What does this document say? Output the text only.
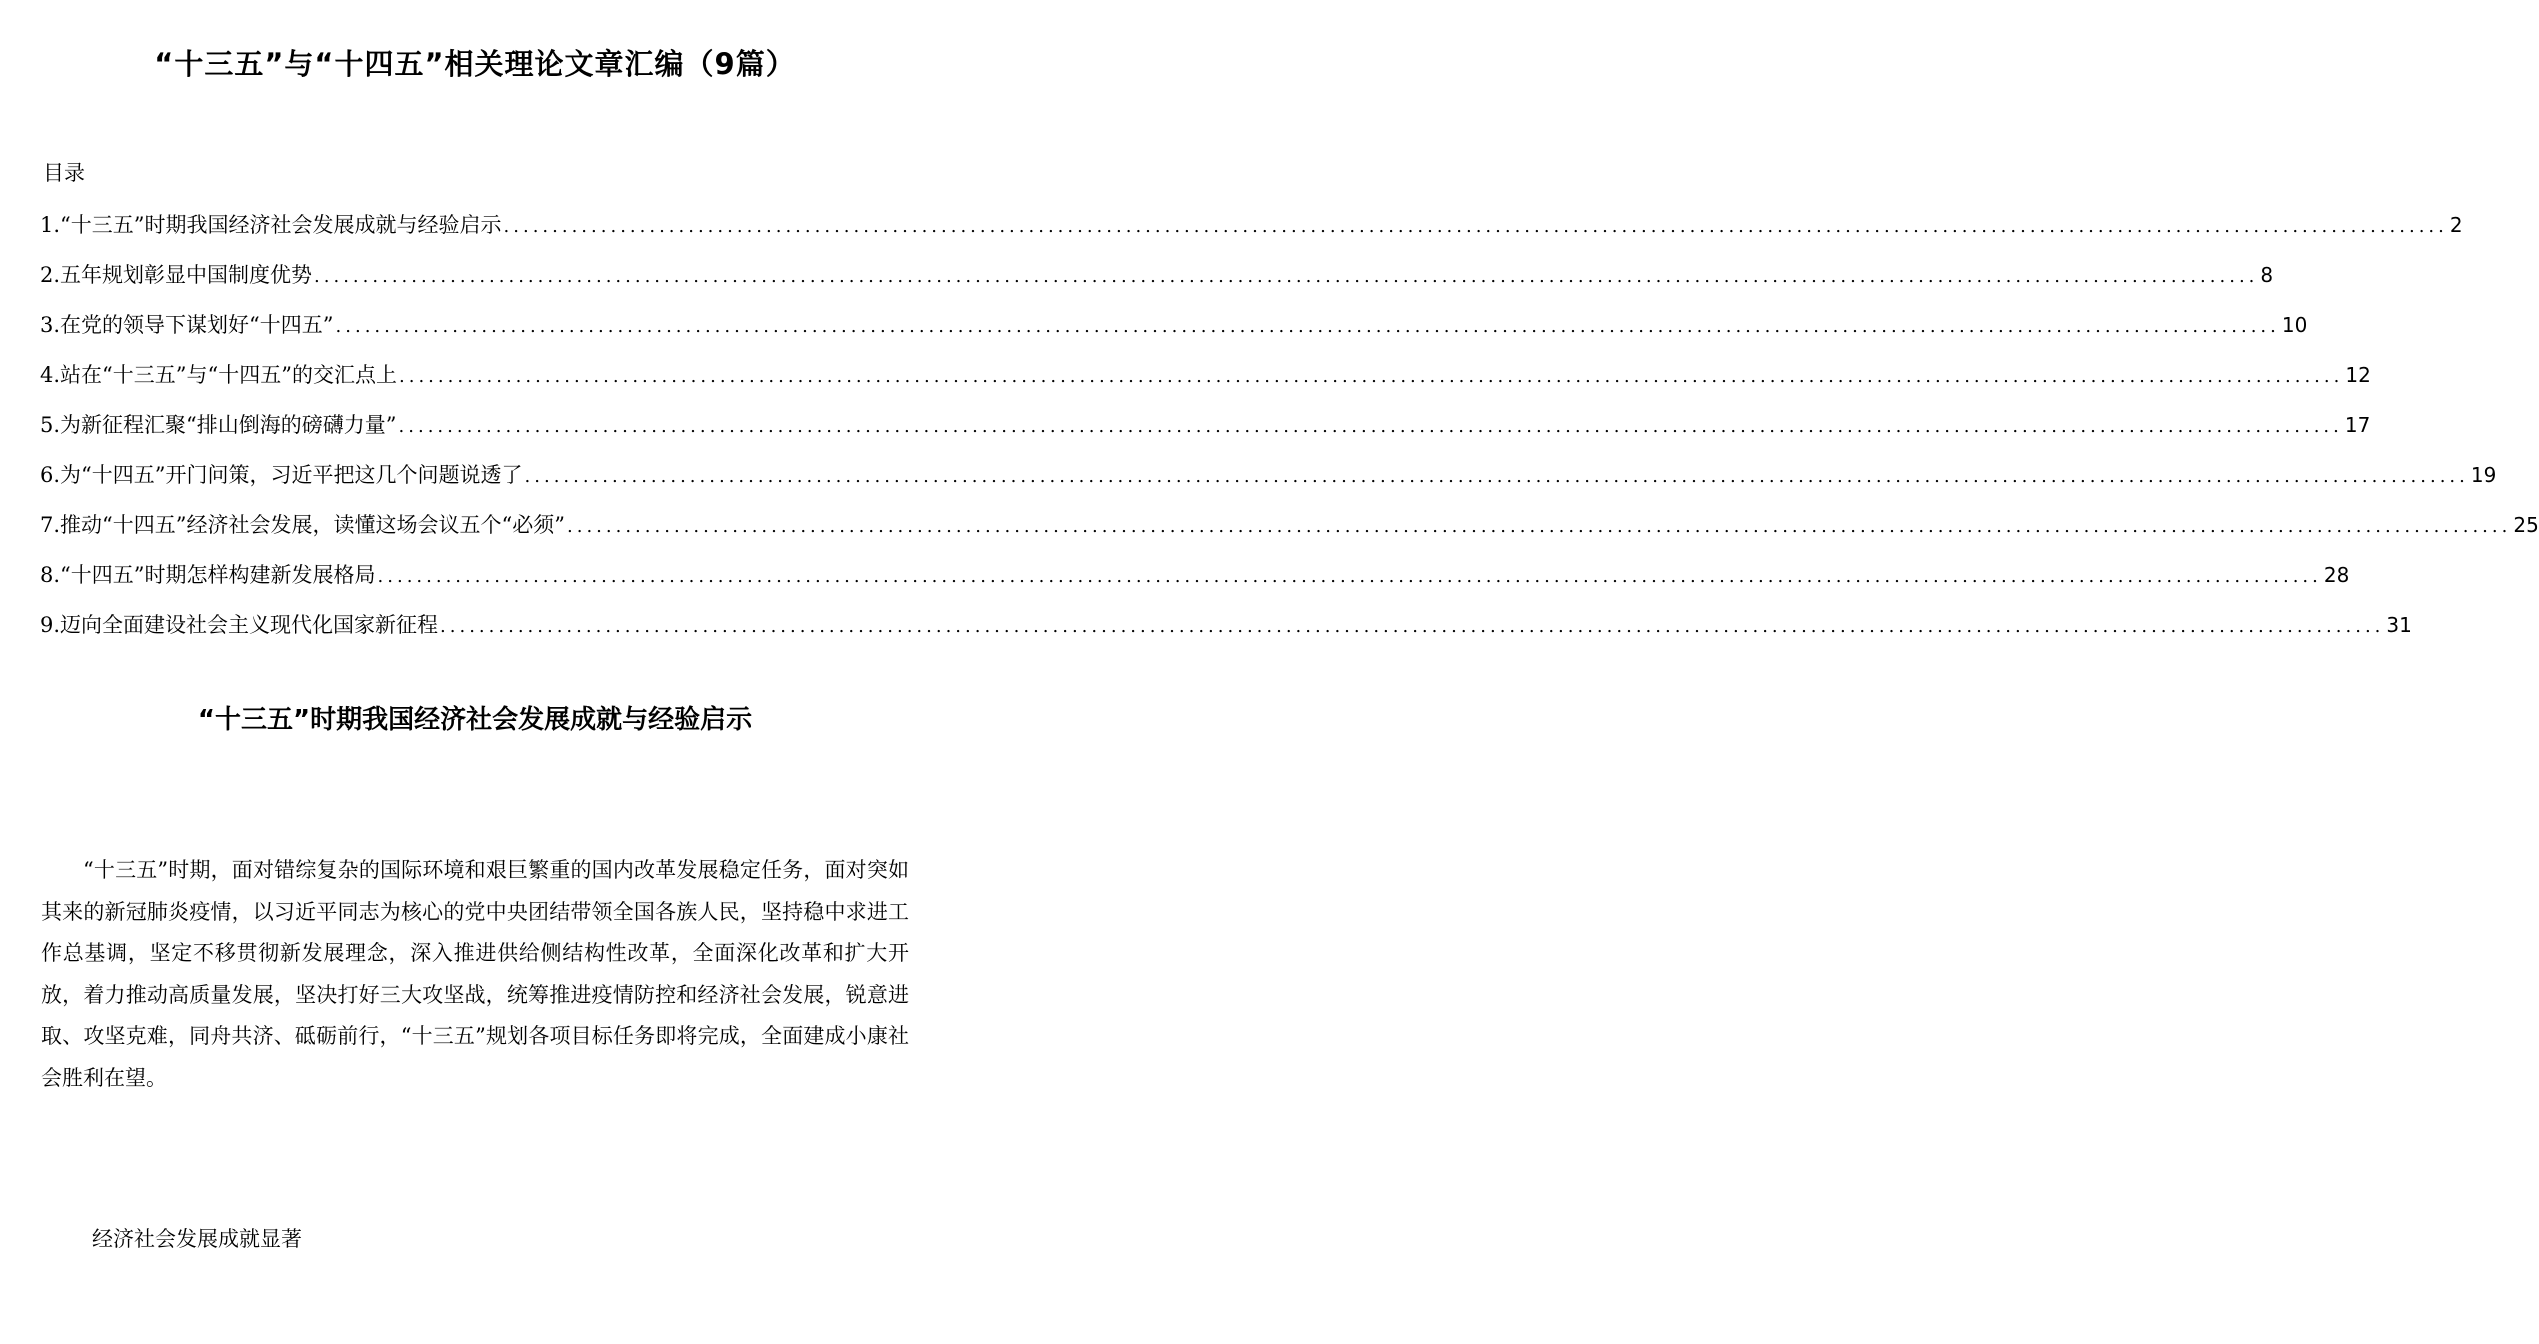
“十三五”与“十四五”相关理论文章汇编（9篇）
目录
1. “十三五”时期我国经济社会发展成就与经验启示 ........................................................................................................................................................................................................ 2
2. 五年规划彰显中国制度优势 ........................................................................................................................................................................................................ 8
3. 在党的领导下谋划好“十四五” ........................................................................................................................................................................................................ 10
4. 站在“十三五”与“十四五”的交汇点上 ........................................................................................................................................................................................................ 12
5. 为新征程汇聚“排山倒海的磅礴力量” ........................................................................................................................................................................................................ 17
6. 为“十四五”开门问策，习近平把这几个问题说透了 ........................................................................................................................................................................................................ 19
7. 推动“十四五”经济社会发展，读懂这场会议五个“必须” ........................................................................................................................................................................................................ 25
8. “十四五”时期怎样构建新发展格局 ........................................................................................................................................................................................................ 28
9. 迈向全面建设社会主义现代化国家新征程 ........................................................................................................................................................................................................ 31
“十三五”时期我国经济社会发展成就与经验启示

“十三五”时期，面对错综复杂的国际环境和艰巨繁重的国内改革发展稳定任务，面对突如其来的新冠肺炎疫情，以习近平同志为核心的党中央团结带领全国各族人民，坚持稳中求进工作总基调，坚定不移贯彻新发展理念，深入推进供给侧结构性改革，全面深化改革和扩大开放，着力推动高质量发展，坚决打好三大攻坚战，统筹推进疫情防控和经济社会发展，锐意进取、攻坚克难，同舟共济、砥砺前行，“十三五”规划各项目标任务即将完成，全面建成小康社会胜利在望。

经济社会发展成就显著
